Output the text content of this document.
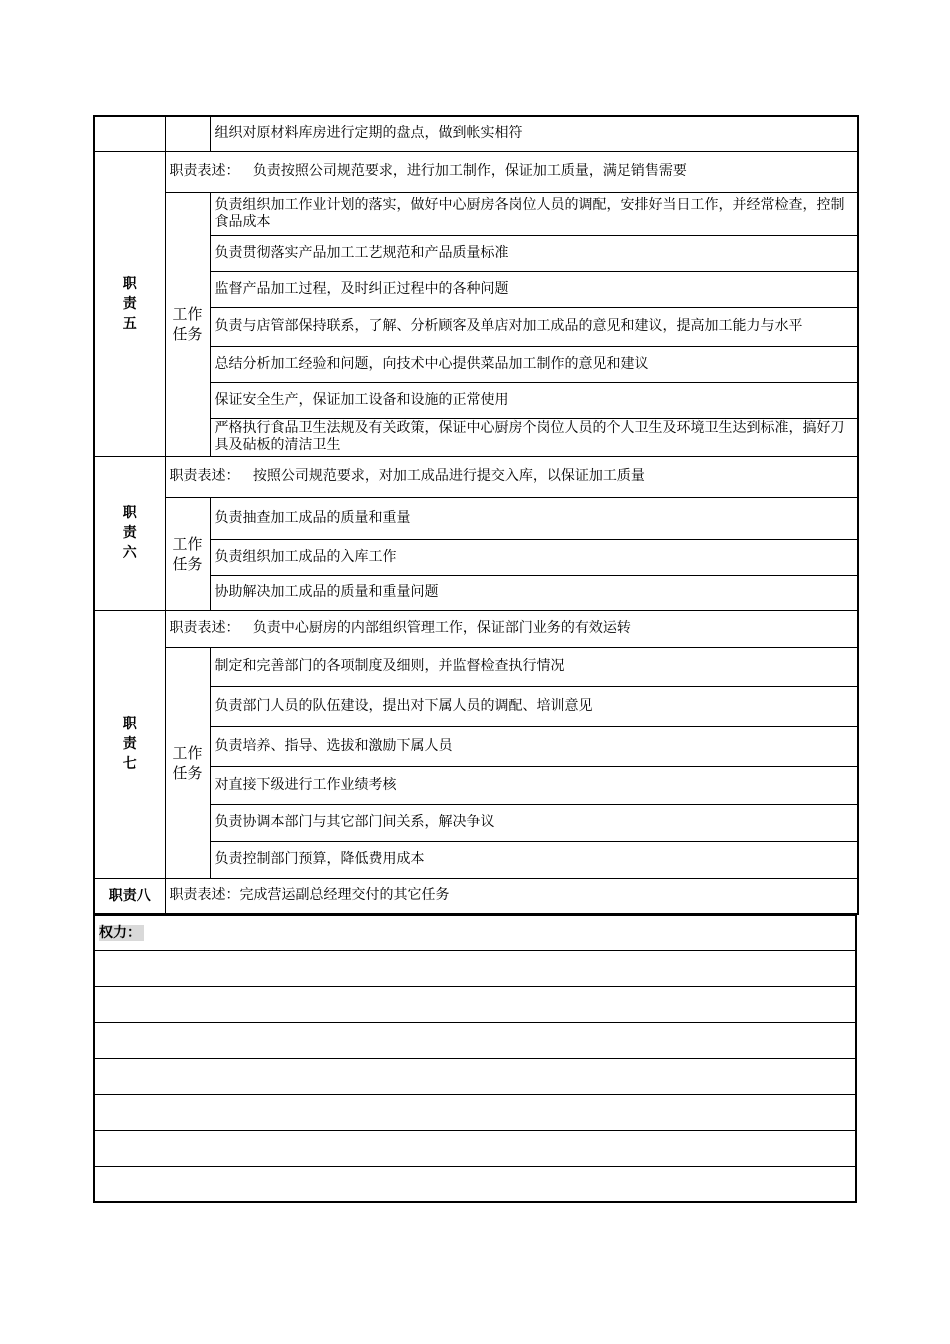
		组织对原材料库房进行定期的盘点，做到帐实相符

职
责
五	职责表述： 负责按照公司规范要求，进行加工制作，保证加工质量，满足销售需要	

	工作
任务	负责组织加工作业计划的落实，做好中心厨房各岗位人员的调配，安排好当日工作，并经常检查，控制食品成本
		负责贯彻落实产品加工工艺规范和产品质量标准
		监督产品加工过程，及时纠正过程中的各种问题
		负责与店管部保持联系，了解、分析顾客及单店对加工成品的意见和建议，提高加工能力与水平
		总结分析加工经验和问题，向技术中心提供菜品加工制作的意见和建议
		保证安全生产，保证加工设备和设施的正常使用
		严格执行食品卫生法规及有关政策，保证中心厨房个岗位人员的个人卫生及环境卫生达到标准，搞好刀具及砧板的清洁卫生

职
责
六	职责表述： 按照公司规范要求，对加工成品进行提交入库，以保证加工质量	

	工作
任务	负责抽查加工成品的质量和重量
		负责组织加工成品的入库工作
		协助解决加工成品的质量和重量问题

职
责
七	职责表述： 负责中心厨房的内部组织管理工作，保证部门业务的有效运转	

	工作
任务	制定和完善部门的各项制度及细则，并监督检查执行情况
		负责部门人员的队伍建设，提出对下属人员的调配、培训意见
		负责培养、指导、选拔和激励下属人员
		对直接下级进行工作业绩考核
		负责协调本部门与其它部门间关系，解决争议
		负责控制部门预算，降低费用成本
职责八	职责表述：完成营运副总经理交付的其它任务	
权力：
